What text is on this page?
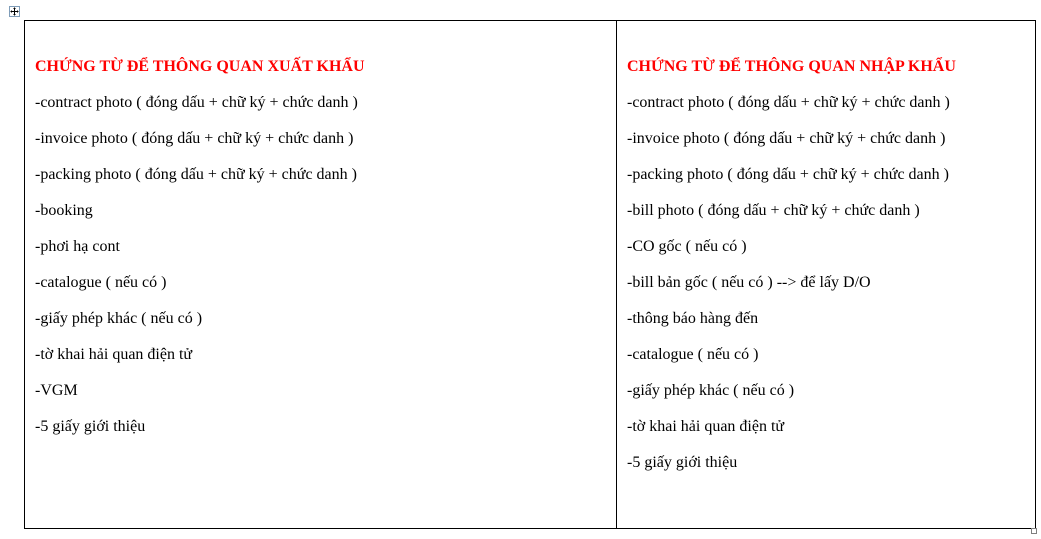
CHỨNG TỪ ĐỂ THÔNG QUAN XUẤT KHẨU
-contract photo ( đóng dấu + chữ ký + chức danh )
-invoice photo ( đóng dấu + chữ ký + chức danh )
-packing photo ( đóng dấu + chữ ký + chức danh )
-booking
-phơi hạ cont
-catalogue ( nếu có )
-giấy phép khác ( nếu có )
-tờ khai hải quan điện tử
-VGM
-5 giấy giới thiệu

CHỨNG TỪ ĐỂ THÔNG QUAN NHẬP KHẨU
-contract photo ( đóng dấu + chữ ký + chức danh )
-invoice photo ( đóng dấu + chữ ký + chức danh )
-packing photo ( đóng dấu + chữ ký + chức danh )
-bill photo ( đóng dấu + chữ ký + chức danh )
-CO gốc ( nếu có )
-bill bản gốc ( nếu có ) --> để lấy D/O
-thông báo hàng đến
-catalogue ( nếu có )
-giấy phép khác ( nếu có )
-tờ khai hải quan điện tử
-5 giấy giới thiệu
